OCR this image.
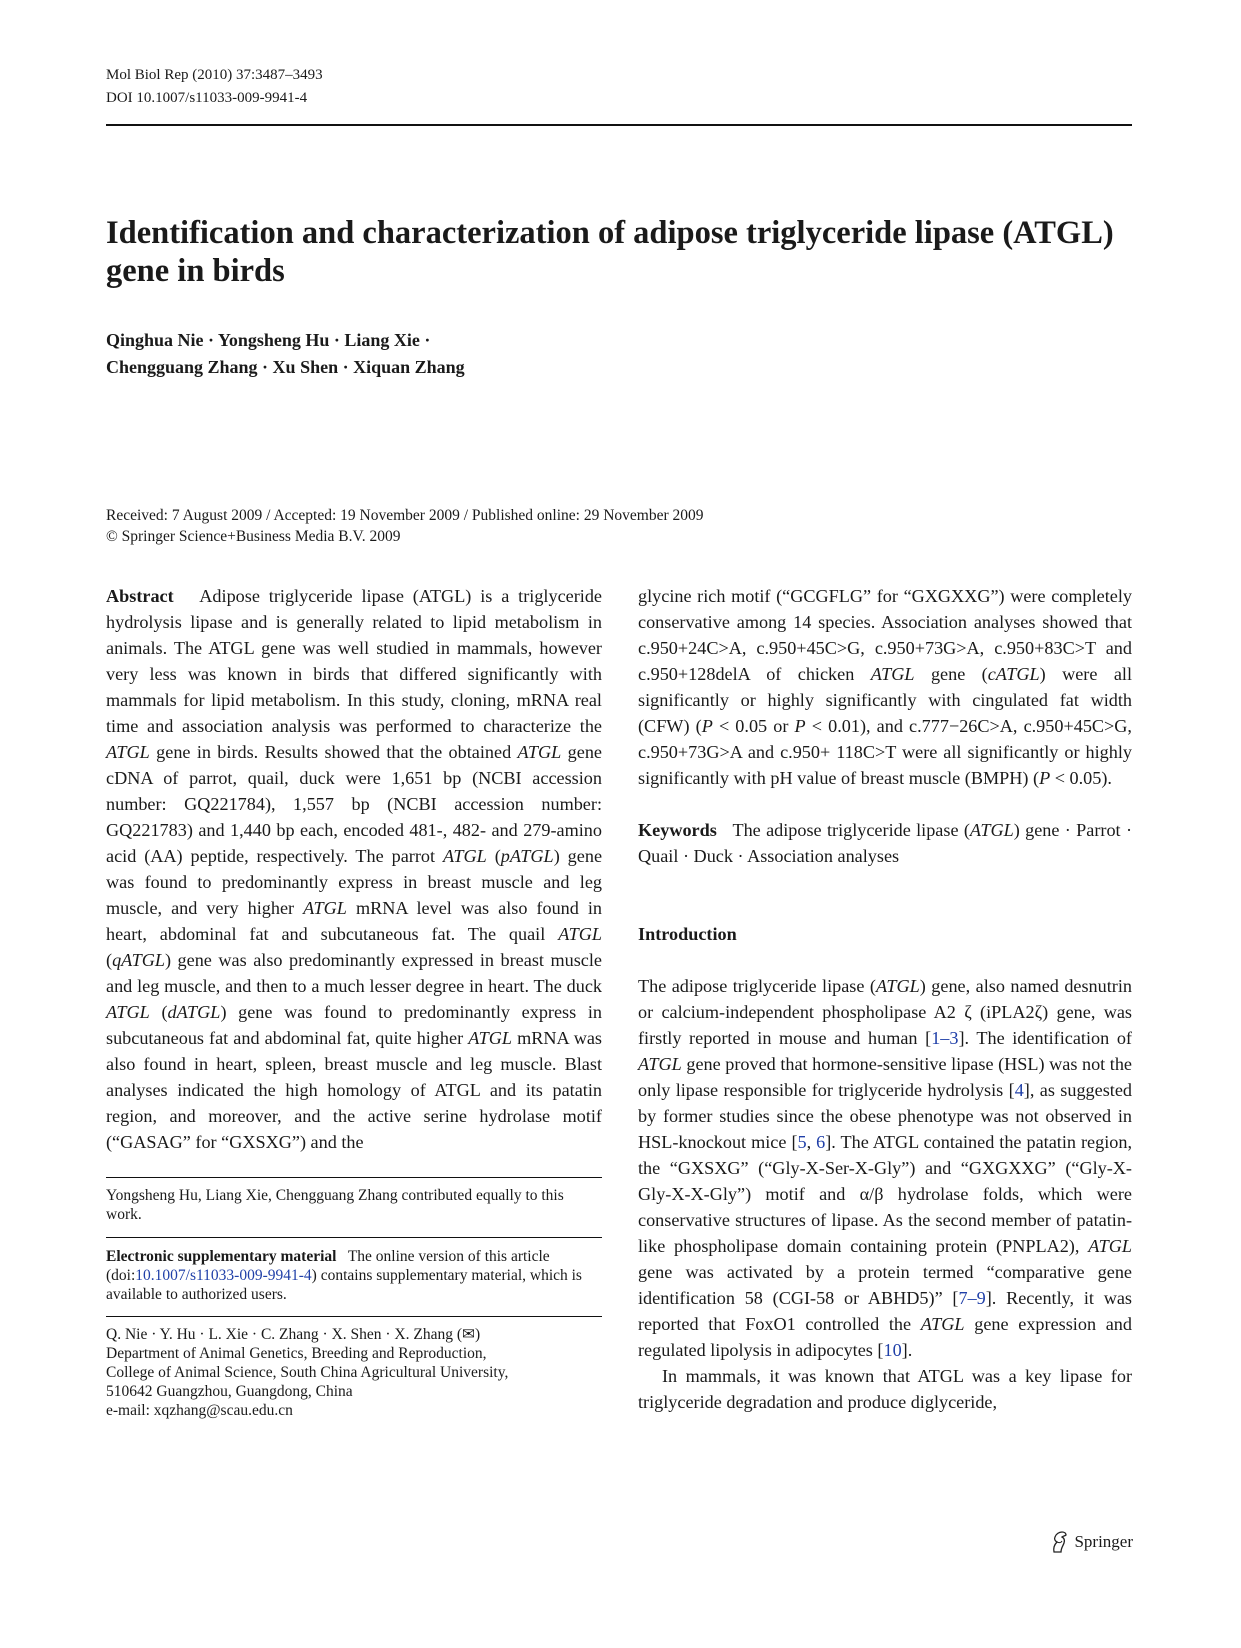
Mol Biol Rep (2010) 37:3487–3493
DOI 10.1007/s11033-009-9941-4
Identification and characterization of adipose triglyceride lipase (ATGL) gene in birds
Qinghua Nie · Yongsheng Hu · Liang Xie ·
Chengguang Zhang · Xu Shen · Xiquan Zhang
Received: 7 August 2009 / Accepted: 19 November 2009 / Published online: 29 November 2009
© Springer Science+Business Media B.V. 2009

Abstract Adipose triglyceride lipase (ATGL) is a triglyceride hydrolysis lipase and is generally related to lipid metabolism in animals. The ATGL gene was well studied in mammals, however very less was known in birds that differed significantly with mammals for lipid metabolism. In this study, cloning, mRNA real time and association analysis was performed to characterize the ATGL gene in birds. Results showed that the obtained ATGL gene cDNA of parrot, quail, duck were 1,651 bp (NCBI accession number: GQ221784), 1,557 bp (NCBI accession number: GQ221783) and 1,440 bp each, encoded 481-, 482- and 279-amino acid (AA) peptide, respectively. The parrot ATGL (pATGL) gene was found to predominantly express in breast muscle and leg muscle, and very higher ATGL mRNA level was also found in heart, abdominal fat and subcutaneous fat. The quail ATGL (qATGL) gene was also predominantly expressed in breast muscle and leg muscle, and then to a much lesser degree in heart. The duck ATGL (dATGL) gene was found to predominantly express in subcutaneous fat and abdominal fat, quite higher ATGL mRNA was also found in heart, spleen, breast muscle and leg muscle. Blast analyses indicated the high homology of ATGL and its patatin region, and moreover, and the active serine hydrolase motif (“GASAG” for “GXSXG”) and the

Yongsheng Hu, Liang Xie, Chengguang Zhang contributed equally to this work.

Electronic supplementary material The online version of this article (doi:10.1007/s11033-009-9941-4) contains supplementary material, which is available to authorized users.

Q. Nie · Y. Hu · L. Xie · C. Zhang · X. Shen · X. Zhang (✉)

Department of Animal Genetics, Breeding and Reproduction,

College of Animal Science, South China Agricultural University,

510642 Guangzhou, Guangdong, China

e-mail: xqzhang@scau.edu.cn

glycine rich motif (“GCGFLG” for “GXGXXG”) were completely conservative among 14 species. Association analyses showed that c.950+24C>A, c.950+45C>G, c.950+73G>A, c.950+83C>T and c.950+128delA of chicken ATGL gene (cATGL) were all significantly or highly significantly with cingulated fat width (CFW) (P < 0.05 or P < 0.01), and c.777−26C>A, c.950+45C>G, c.950+73G>A and c.950+ 118C>T were all significantly or highly significantly with pH value of breast muscle (BMPH) (P < 0.05).

Keywords The adipose triglyceride lipase (ATGL) gene · Parrot · Quail · Duck · Association analyses

Introduction

The adipose triglyceride lipase (ATGL) gene, also named desnutrin or calcium-independent phospholipase A2 ζ (iPLA2ζ) gene, was firstly reported in mouse and human [1–3]. The identification of ATGL gene proved that hormone-sensitive lipase (HSL) was not the only lipase responsible for triglyceride hydrolysis [4], as suggested by former studies since the obese phenotype was not observed in HSL-knockout mice [5, 6]. The ATGL contained the patatin region, the “GXSXG” (“Gly-X-Ser-X-Gly”) and “GXGXXG” (“Gly-X-Gly-X-X-Gly”) motif and α/β hydrolase folds, which were conservative structures of lipase. As the second member of patatin-like phospholipase domain containing protein (PNPLA2), ATGL gene was activated by a protein termed “comparative gene identification 58 (CGI-58 or ABHD5)” [7–9]. Recently, it was reported that FoxO1 controlled the ATGL gene expression and regulated lipolysis in adipocytes [10].

In mammals, it was known that ATGL was a key lipase for triglyceride degradation and produce diglyceride,

Springer
